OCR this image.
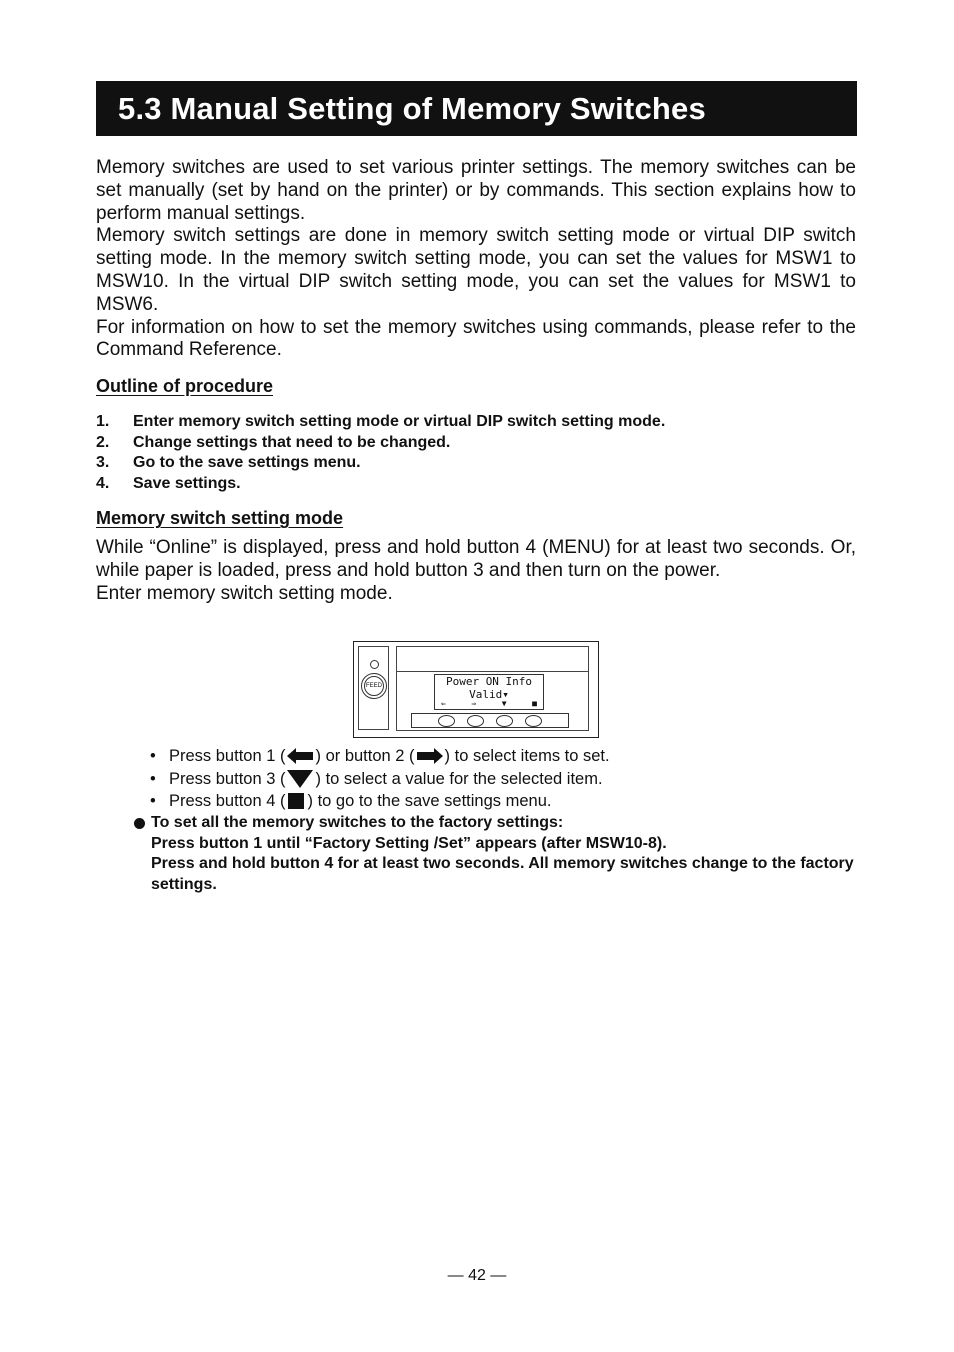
5.3 Manual Setting of Memory Switches

Memory switches are used to set various printer settings. The memory switches can be set manually (set by hand on the printer) or by commands. This section explains how to perform manual settings.

Memory switch settings are done in memory switch setting mode or virtual DIP switch setting mode. In the memory switch setting mode, you can set the values for MSW1 to MSW10. In the virtual DIP switch setting mode, you can set the values for MSW1 to MSW6.

For information on how to set the memory switches using commands, please refer to the Command Reference.

Outline of procedure
1.	Enter memory switch setting mode or virtual DIP switch setting mode.
2.	Change settings that need to be changed.
3.	Go to the save settings menu.
4.	Save settings.
Memory switch setting mode

While “Online” is displayed, press and hold button 4 (MENU) for at least two seconds. Or, while paper is loaded, press and hold button 3 and then turn on the power.

Enter memory switch setting mode.

FEED	Power ON Info
Valid▾
⇐	⇒	▼	■
• Press button 1 ( ) or button 2 ( ) to select items to set.
• Press button 3 ( ) to select a value for the selected item.
• Press button 4 ( ) to go to the save settings menu.

To set all the memory switches to the factory settings:

Press button 1 until “Factory Setting /Set” appears (after MSW10-8).

Press and hold button 4 for at least two seconds. All memory switches change to the factory settings.

— 42 —
